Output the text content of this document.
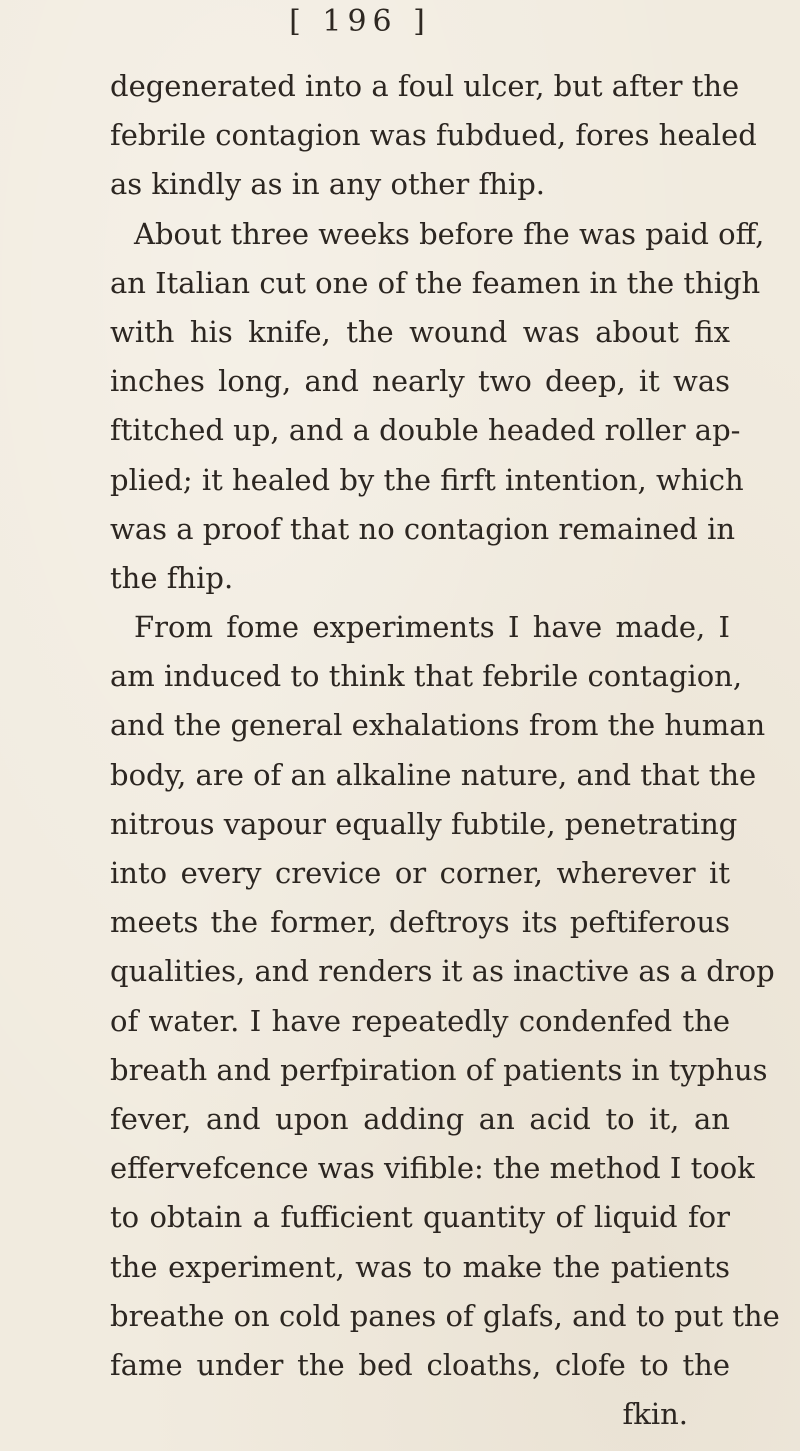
[ 196 ]
degenerated into a foul ulcer, but after the
febrile contagion was fubdued, fores healed
as kindly as in any other fhip.
About three weeks before fhe was paid off,
an Italian cut one of the feamen in the thigh
with his knife, the wound was about fix
inches long, and nearly two deep, it was
ftitched up, and a double headed roller ap-
plied; it healed by the firft intention, which
was a proof that no contagion remained in
the fhip.
From fome experiments I have made, I
am induced to think that febrile contagion,
and the general exhalations from the human
body, are of an alkaline nature, and that the
nitrous vapour equally fubtile, penetrating
into every crevice or corner, wherever it
meets the former, deftroys its peftiferous
qualities, and renders it as inactive as a drop
of water. I have repeatedly condenfed the
breath and perfpiration of patients in typhus
fever, and upon adding an acid to it, an
effervefcence was vifible: the method I took
to obtain a fufficient quantity of liquid for
the experiment, was to make the patients
breathe on cold panes of glafs, and to put the
fame under the bed cloaths, clofe to the
fkin.
